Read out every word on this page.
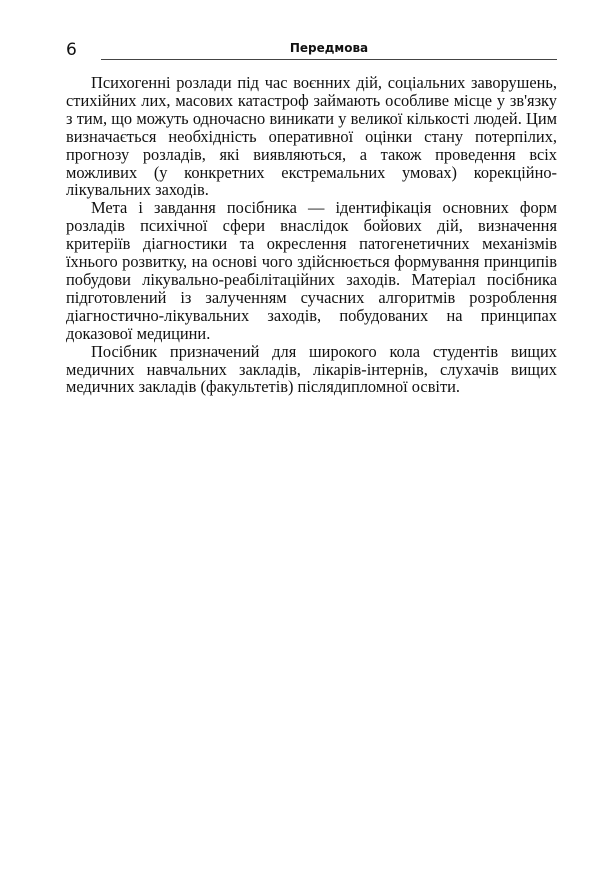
6	Передмова

Психогенні розлади під час воєнних дій, соціальних заворушень, стихійних лих, масових катастроф займають особливе місце у зв'язку з тим, що можуть одночасно виникати у великої кількості людей. Цим визначається необхідність оперативної оцінки стану потерпілих, прогнозу розладів, які виявляються, а також проведення всіх можливих (у конкретних екстремальних умовах) корекційно-лікувальних заходів.

Мета і завдання посібника — ідентифікація основних форм розладів психічної сфери внаслідок бойових дій, визначення критеріїв діагностики та окреслення патогенетичних механізмів їхнього розвитку, на основі чого здійснюється формування принципів побудови лікувально-реабілітаційних заходів. Матеріал посібника підготовлений із залученням сучасних алгоритмів розроблення діагностично-лікувальних заходів, побудованих на принципах доказової медицини.

Посібник призначений для широкого кола студентів вищих медичних навчальних закладів, лікарів-інтернів, слухачів вищих медичних закладів (факультетів) післядипломної освіти.
